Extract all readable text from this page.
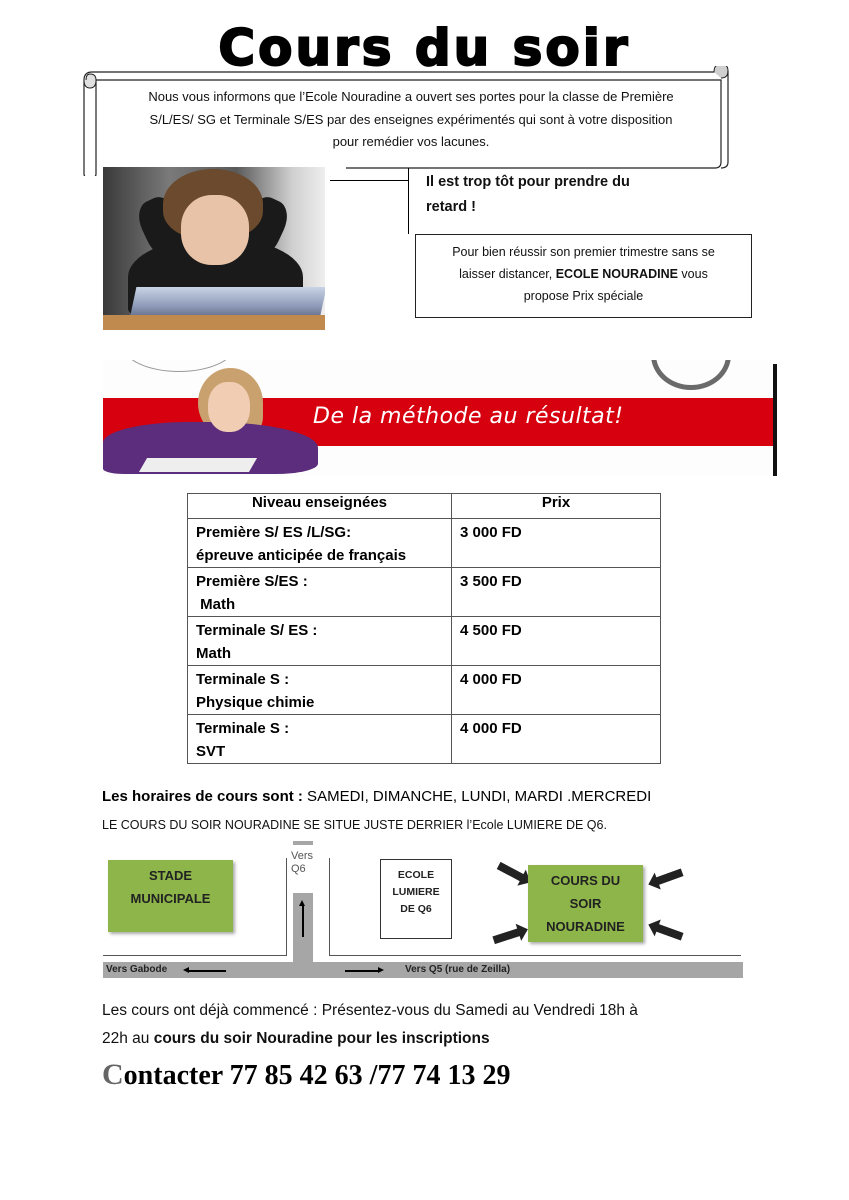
Cours du soir
Nous vous informons que l’Ecole Nouradine a ouvert ses portes pour la classe de Première
S/L/ES/ SG et Terminale S/ES par des enseignes expérimentés qui sont à votre disposition
pour remédier vos lacunes.
Il est trop tôt pour prendre du
retard !
Pour bien réussir son premier trimestre sans se
laisser distancer, ECOLE NOURADINE vous
propose Prix spéciale
De la méthode au résultat!
Niveau enseignées	Prix
Première S/ ES /L/SG:
épreuve anticipée de français	3 000 FD
Première S/ES :
Math	3 500 FD
Terminale S/ ES :
Math	4 500 FD
Terminale S :
Physique chimie	4 000 FD
Terminale S :
SVT	4 000 FD
Les horaires de cours sont : SAMEDI, DIMANCHE, LUNDI, MARDI .MERCREDI
LE COURS DU SOIR NOURADINE SE SITUE JUSTE DERRIER l’Ecole LUMIERE DE Q6.
STADE
MUNICIPALE
Vers
Q6	ECOLE
LUMIERE
DE Q6
COURS DU
SOIR
NOURADINE
Vers Gabode	Vers Q5 (rue de Zeilla)
Les cours ont déjà commencé : Présentez-vous du Samedi au Vendredi 18h à
22h au cours du soir Nouradine pour les inscriptions
Contacter 77 85 42 63 /77 74 13 29
